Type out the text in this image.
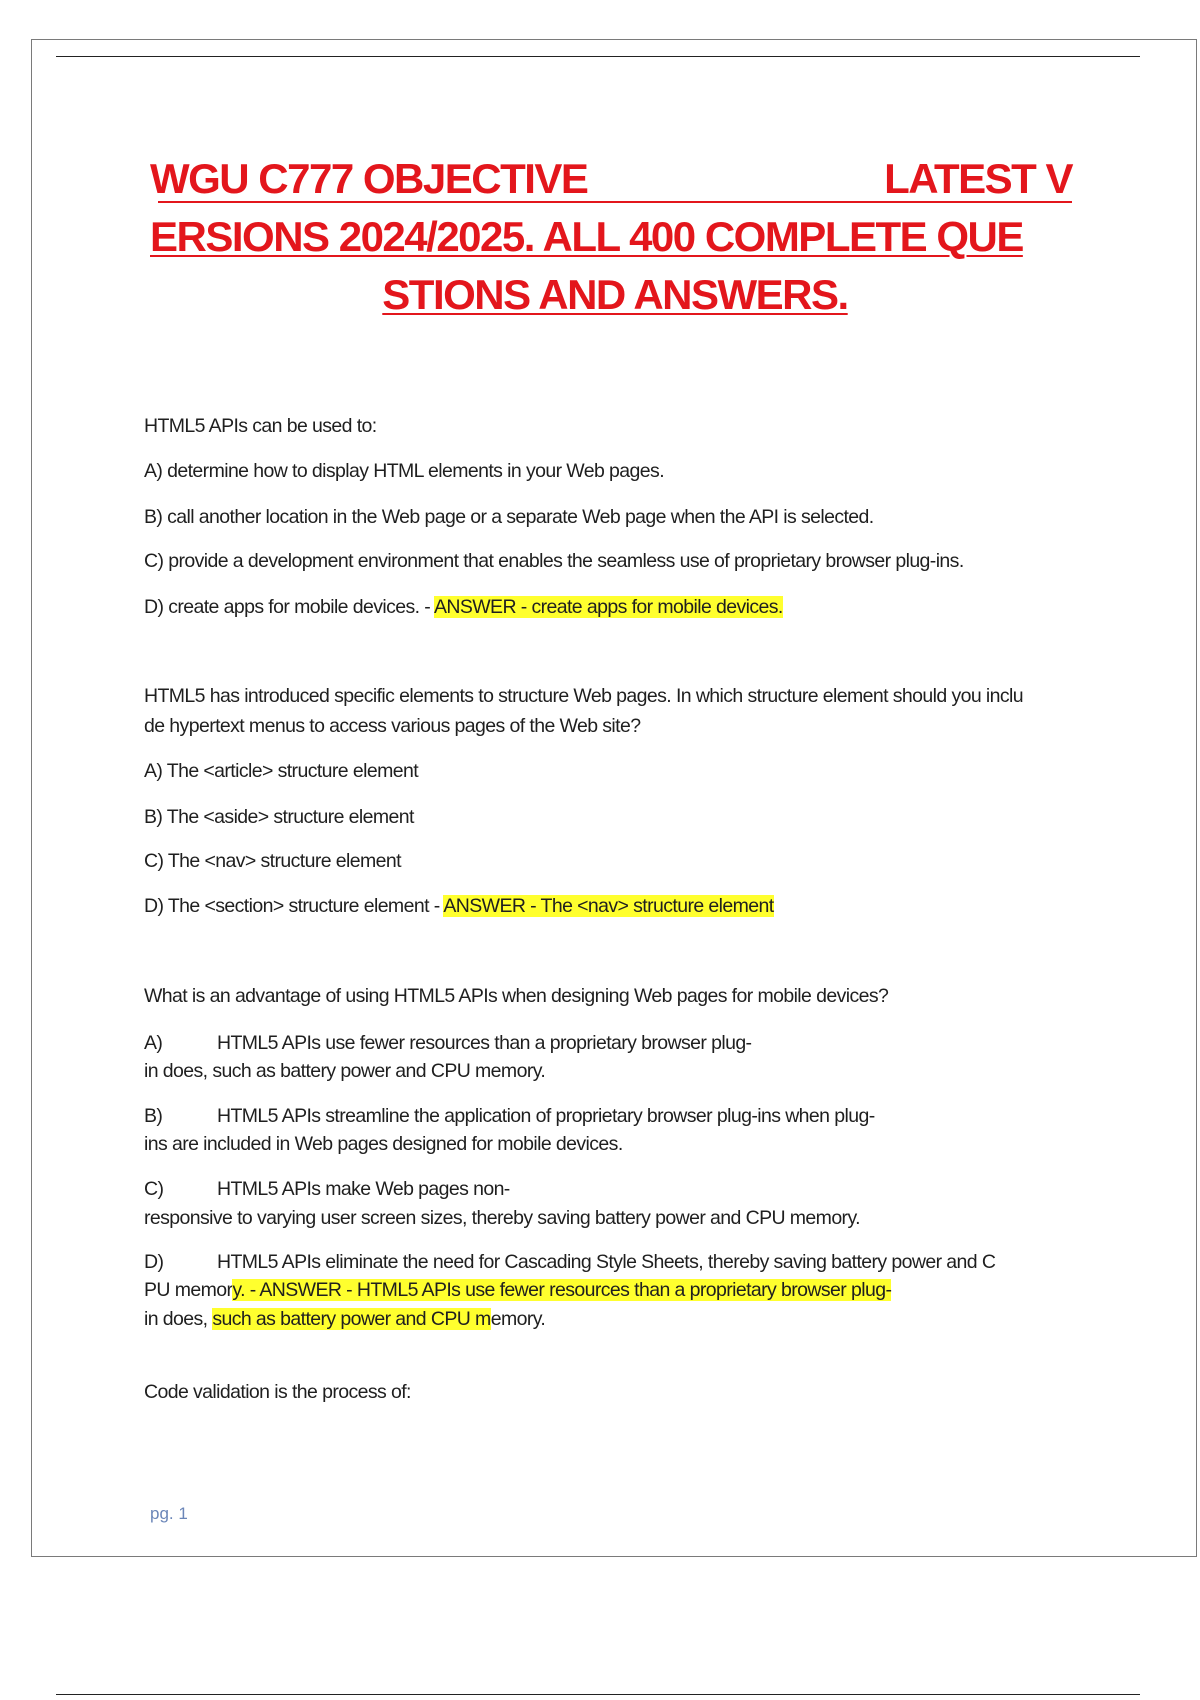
WGU C777 OBJECTIVE	LATEST V
ERSIONS 2024/2025. ALL 400 COMPLETE QUE
STIONS AND ANSWERS.

HTML5 APIs can be used to:

A) determine how to display HTML elements in your Web pages.

B) call another location in the Web page or a separate Web page when the API is selected.

C) provide a development environment that enables the seamless use of proprietary browser plug-ins.

D) create apps for mobile devices. - ANSWER - create apps for mobile devices.

HTML5 has introduced specific elements to structure Web pages. In which structure element should you inclu

de hypertext menus to access various pages of the Web site?

A) The <article> structure element

B) The <aside> structure element

C) The <nav> structure element

D) The <section> structure element - ANSWER - The <nav> structure element

What is an advantage of using HTML5 APIs when designing Web pages for mobile devices?

A)	HTML5 APIs use fewer resources than a proprietary browser plug-

in does, such as battery power and CPU memory.

B)	HTML5 APIs streamline the application of proprietary browser plug-ins when plug-

ins are included in Web pages designed for mobile devices.

C)	HTML5 APIs make Web pages non-

responsive to varying user screen sizes, thereby saving battery power and CPU memory.

D)	HTML5 APIs eliminate the need for Cascading Style Sheets, thereby saving battery power and C

PU memory. - ANSWER - HTML5 APIs use fewer resources than a proprietary browser plug-

in does, such as battery power and CPU memory.

Code validation is the process of:

pg. 1
